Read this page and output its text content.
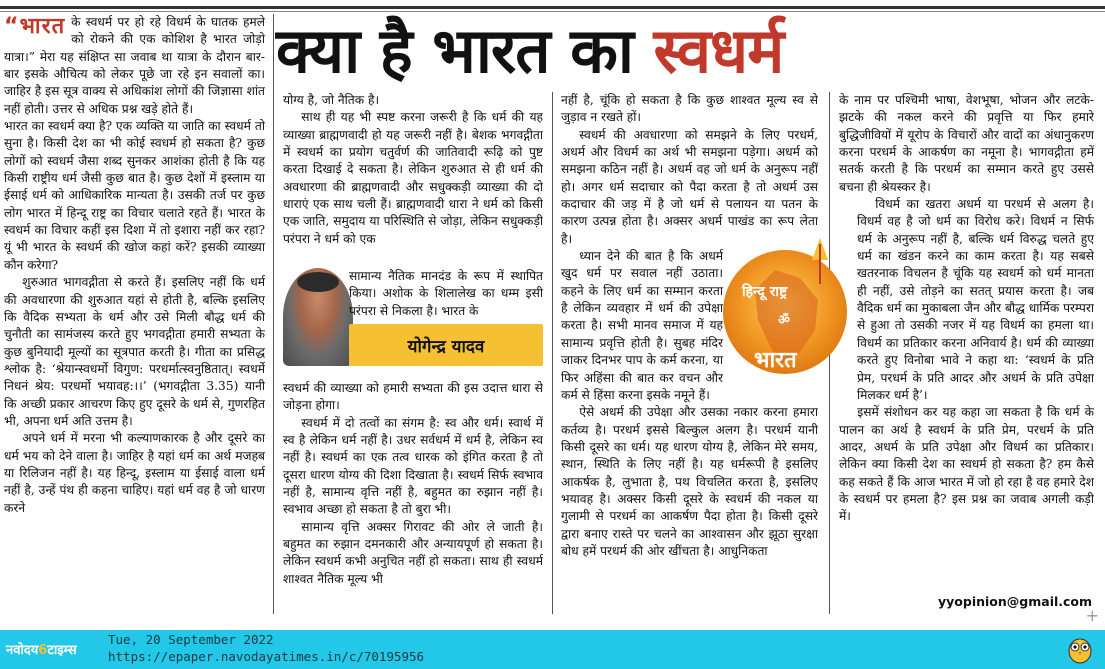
“भारत के स्वधर्म पर हो रहे विधर्म के घातक हमले को रोकने की एक कोशिश है भारत जोड़ो यात्रा।” मेरा यह संक्षिप्त सा जवाब था यात्रा के दौरान बार-बार इसके औचित्य को लेकर पूछे जा रहे इन सवालों का। जाहिर है इस सूत्र वाक्य से अधिकांश लोगों की जिज्ञासा शांत नहीं होती। उत्तर से अधिक प्रश्न खड़े होते हैं।

भारत का स्वधर्म क्या है? एक व्यक्ति या जाति का स्वधर्म तो सुना है। किसी देश का भी कोई स्वधर्म हो सकता है? कुछ लोगों को स्वधर्म जैसा शब्द सुनकर आशंका होती है कि यह किसी राष्ट्रीय धर्म जैसी कुछ बात है। कुछ देशों में इस्लाम या ईसाई धर्म को आधिकारिक मान्यता है। उसकी तर्ज पर कुछ लोग भारत में हिन्दू राष्ट्र का विचार चलाते रहते हैं। भारत के स्वधर्म का विचार कहीं इस दिशा में तो इशारा नहीं कर रहा? यूं भी भारत के स्वधर्म की खोज कहां करें? इसकी व्याख्या कौन करेगा?

शुरुआत भागवद्गीता से करते हैं। इसलिए नहीं कि धर्म की अवधारणा की शुरुआत यहां से होती है, बल्कि इसलिए कि वैदिक सभ्यता के धर्म और उसे मिली बौद्ध धर्म की चुनौती का सामंजस्य करते हुए भगवद्गीता हमारी सभ्यता के कुछ बुनियादी मूल्यों का सूत्रपात करती है। गीता का प्रसिद्ध श्लोक है: ‘श्रेयान्स्वधर्मो विगुण: परधर्मात्स्वनुष्ठितात्। स्वधर्मे निधनं श्रेय: परधर्मो भयावह:।।’ (भगवद्गीता 3.35) यानी कि अच्छी प्रकार आचरण किए हुए दूसरे के धर्म से, गुणरहित भी, अपना धर्म अति उत्तम है।

अपने धर्म में मरना भी कल्याणकारक है और दूसरे का धर्म भय को देने वाला है। जाहिर है यहां धर्म का अर्थ मजहब या रिलिजन नहीं है। यह हिन्दू, इस्लाम या ईसाई वाला धर्म नहीं है, उन्हें पंथ ही कहना चाहिए। यहां धर्म वह है जो धारण करने

क्या है भारत का स्वधर्म

योग्य है, जो नैतिक है।

साथ ही यह भी स्पष्ट करना जरूरी है कि धर्म की यह व्याख्या ब्राह्मणवादी हो यह जरूरी नहीं है। बेशक भगवद्गीता में स्वधर्म का प्रयोग चतुर्वर्ण की जातिवादी रूढ़ि को पुष्ट करता दिखाई दे सकता है। लेकिन शुरुआत से ही धर्म की अवधारणा की ब्राह्मणवादी और सधुक्कड़ी व्याख्या की दो धाराएं एक साथ चली हैं। ब्राह्मणवादी धारा ने धर्म को किसी एक जाति, समुदाय या परिस्थिति से जोड़ा, लेकिन सधुक्कड़ी परंपरा ने धर्म को एक

सामान्य नैतिक मानदंड के रूप में स्थापित किया। अशोक के शिलालेख का धम्म इसी परंपरा से निकला है। भारत के
योगेन्द्र यादव

स्वधर्म की व्याख्या को हमारी सभ्यता की इस उदात्त धारा से जोड़ना होगा।

स्वधर्म में दो तत्वों का संगम है: स्व और धर्म। स्वार्थ में स्व है लेकिन धर्म नहीं है। उधर सर्वधर्म में धर्म है, लेकिन स्व नहीं है। स्वधर्म का एक तत्व धारक को इंगित करता है तो दूसरा धारण योग्य की दिशा दिखाता है। स्वधर्म सिर्फ स्वभाव नहीं है, सामान्य वृत्ति नहीं है, बहुमत का रुझान नहीं है। स्वभाव अच्छा हो सकता है तो बुरा भी।

सामान्य वृत्ति अक्सर गिरावट की ओर ले जाती है। बहुमत का रुझान दमनकारी और अन्यायपूर्ण हो सकता है। लेकिन स्वधर्म कभी अनुचित नहीं हो सकता। साथ ही स्वधर्म शाश्वत नैतिक मूल्य भी

नहीं है, चूंकि हो सकता है कि कुछ शाश्वत मूल्य स्व से जुड़ाव न रखते हों।

स्वधर्म की अवधारणा को समझने के लिए परधर्म, अधर्म और विधर्म का अर्थ भी समझना पड़ेगा। अधर्म को समझना कठिन नहीं है। अधर्म वह जो धर्म के अनुरूप नहीं हो। अगर धर्म सदाचार को पैदा करता है तो अधर्म उस कदाचार की जड़ में है जो धर्म से पलायन या पतन के कारण उत्पन्न होता है। अक्सर अधर्म पाखंड का रूप लेता है।

ध्यान देने की बात है कि अधर्म खुद धर्म पर सवाल नहीं उठाता। कहने के लिए धर्म का सम्मान करता है लेकिन व्यवहार में धर्म की उपेक्षा करता है। सभी मानव समाज में यह सामान्य प्रवृत्ति होती है। सुबह मंदिर जाकर दिनभर पाप के कर्म करना, या फिर अहिंसा की बात कर वचन और कर्म से हिंसा करना इसके नमूने हैं।

ऐसे अधर्म की उपेक्षा और उसका नकार करना हमारा कर्तव्य है। परधर्म इससे बिल्कुल अलग है। परधर्म यानी किसी दूसरे का धर्म। यह धारण योग्य है, लेकिन मेरे समय, स्थान, स्थिति के लिए नहीं है। यह धर्मरूपी है इसलिए आकर्षक है, लुभाता है, पथ विचलित करता है, इसलिए भयावह है। अक्सर किसी दूसरे के स्वधर्म की नकल या गुलामी से परधर्म का आकर्षण पैदा होता है। किसी दूसरे द्वारा बनाए रास्ते पर चलने का आश्वासन और झूठा सुरक्षा बोध हमें परधर्म की ओर खींचता है। आधुनिकता

हिन्दू राष्ट्र
ॐ
भारत

के नाम पर पश्चिमी भाषा, वेशभूषा, भोजन और लटके-झटके की नकल करने की प्रवृत्ति या फिर हमारे बुद्धिजीवियों में यूरोप के विचारों और वादों का अंधानुकरण करना परधर्म के आकर्षण का नमूना है। भागवद्गीता हमें सतर्क करती है कि परधर्म का सम्मान करते हुए उससे बचना ही श्रेयस्कर है।

विधर्म का खतरा अधर्म या परधर्म से अलग है। विधर्म वह है जो धर्म का विरोध करे। विधर्म न सिर्फ धर्म के अनुरूप नहीं है, बल्कि धर्म विरुद्ध चलते हुए धर्म का खंडन करने का काम करता है। यह सबसे खतरनाक विचलन है चूंकि यह स्वधर्म को धर्म मानता ही नहीं, उसे तोड़ने का सतत् प्रयास करता है। जब वैदिक धर्म का मुकाबला जैन और बौद्ध धार्मिक परम्परा से हुआ तो उसकी नजर में यह विधर्म का हमला था। विधर्म का प्रतिकार करना अनिवार्य है। धर्म की व्याख्या करते हुए विनोबा भावे ने कहा था: ‘स्वधर्म के प्रति प्रेम, परधर्म के प्रति आदर और अधर्म के प्रति उपेक्षा मिलकर धर्म है’।

इसमें संशोधन कर यह कहा जा सकता है कि धर्म के पालन का अर्थ है स्वधर्म के प्रति प्रेम, परधर्म के प्रति आदर, अधर्म के प्रति उपेक्षा और विधर्म का प्रतिकार। लेकिन क्या किसी देश का स्वधर्म हो सकता है? हम कैसे कह सकते हैं कि आज भारत में जो हो रहा है वह हमारे देश के स्वधर्म पर हमला है? इस प्रश्न का जवाब अगली कड़ी में।

yyopinion@gmail.com
+
नवोदय6टाइम्स
Tue, 20 September 2022
https://epaper.navodayatimes.in/c/70195956
